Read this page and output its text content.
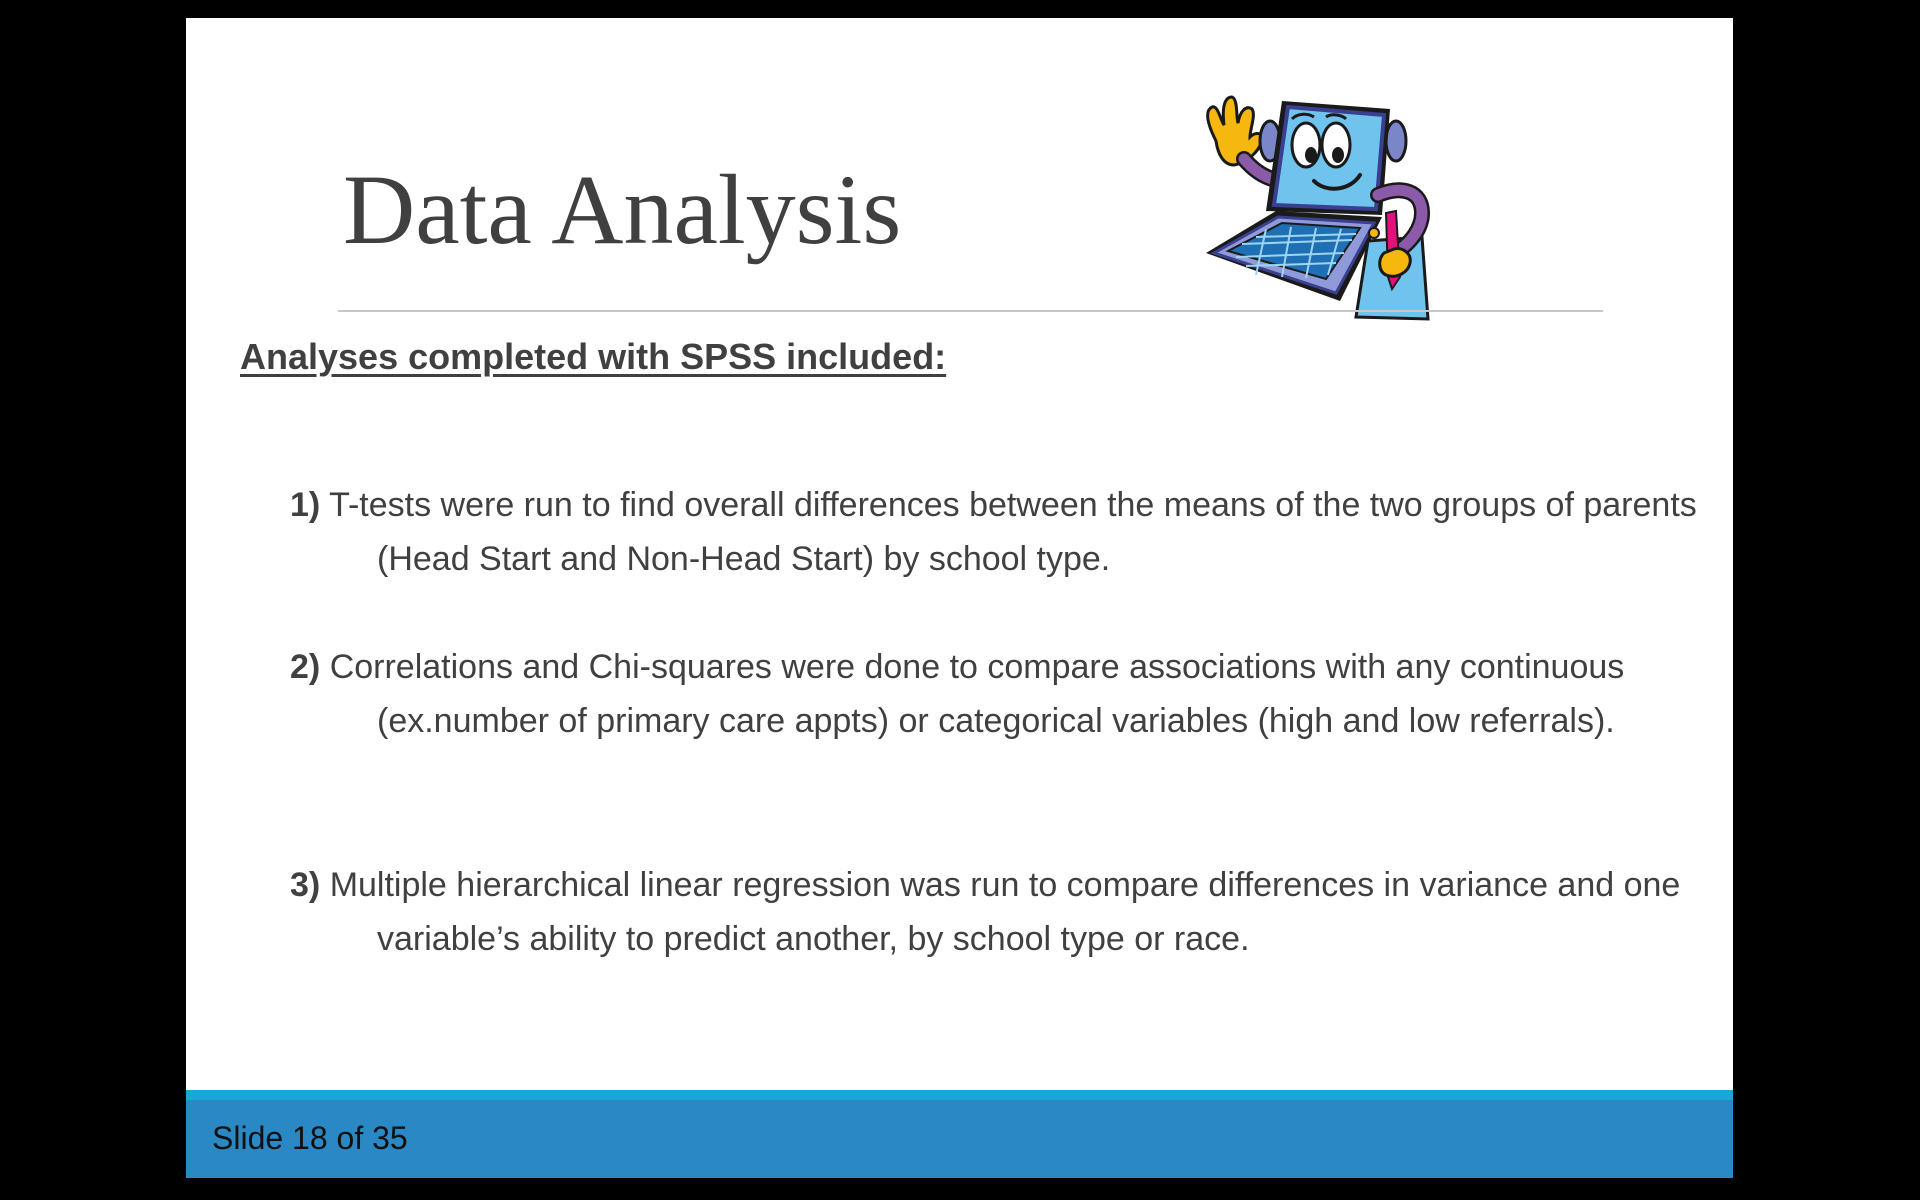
Data Analysis
Analyses completed with SPSS included:
1) T-tests were run to find overall differences between the means of the two groups of parents (Head Start and Non-Head Start) by school type.
2) Correlations and Chi-squares were done to compare associations with any continuous (ex.number of primary care appts) or categorical variables (high and low referrals).
3) Multiple hierarchical linear regression was run to compare differences in variance and one variable’s ability to predict another, by school type or race.
Slide 18 of 35
